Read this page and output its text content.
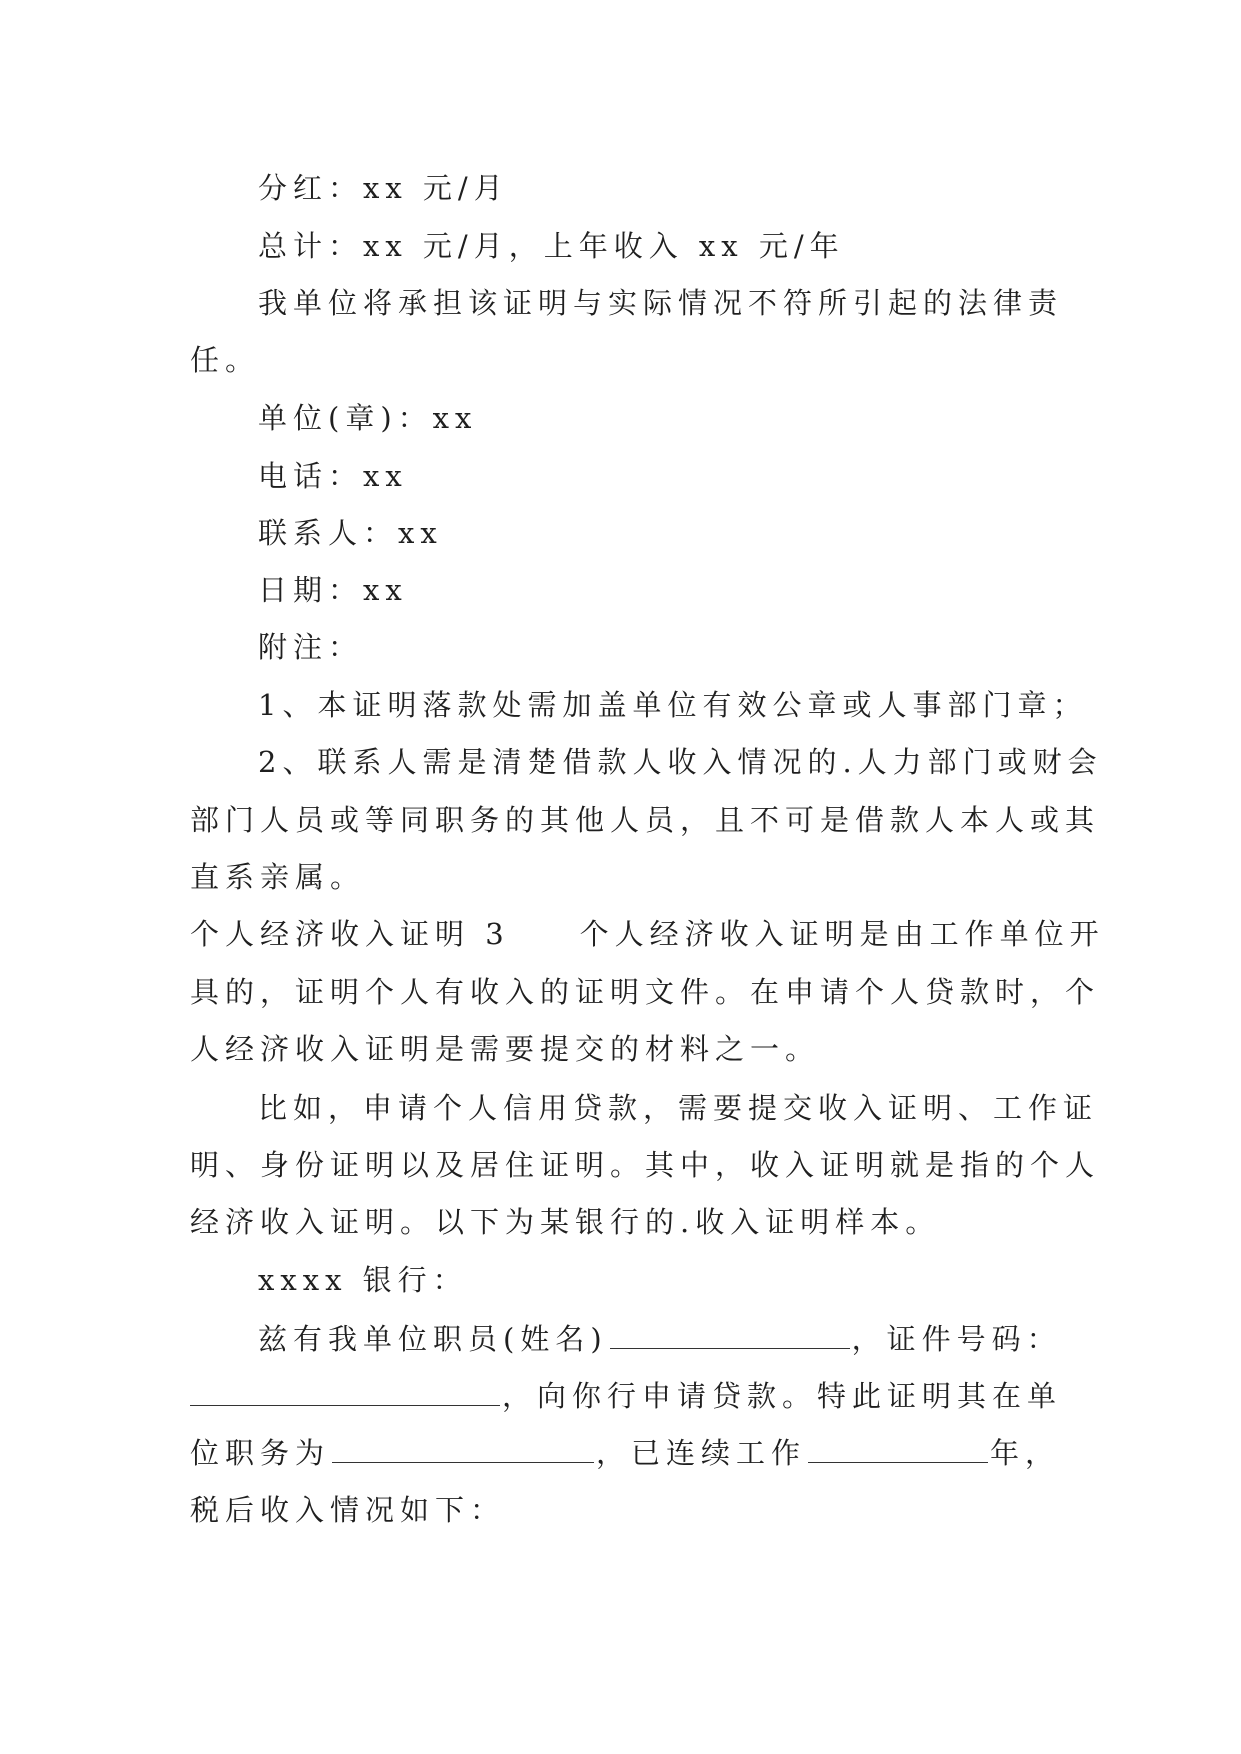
分红：xx 元/月
总计：xx 元/月，上年收入 xx 元/年
我单位将承担该证明与实际情况不符所引起的法律责
任。
单位(章)：xx
电话：xx
联系人：xx
日期：xx
附注：
1、本证明落款处需加盖单位有效公章或人事部门章；
2、联系人需是清楚借款人收入情况的.人力部门或财会
部门人员或等同职务的其他人员，且不可是借款人本人或其
直系亲属。
个人经济收入证明 3　　个人经济收入证明是由工作单位开
具的，证明个人有收入的证明文件。在申请个人贷款时，个
人经济收入证明是需要提交的材料之一。
比如，申请个人信用贷款，需要提交收入证明、工作证
明、身份证明以及居住证明。其中，收入证明就是指的个人
经济收入证明。以下为某银行的.收入证明样本。
xxxx 银行：
兹有我单位职员(姓名)	，证件号码：
，向你行申请贷款。特此证明其在单
位职务为	，已连续工作	年，
税后收入情况如下：
